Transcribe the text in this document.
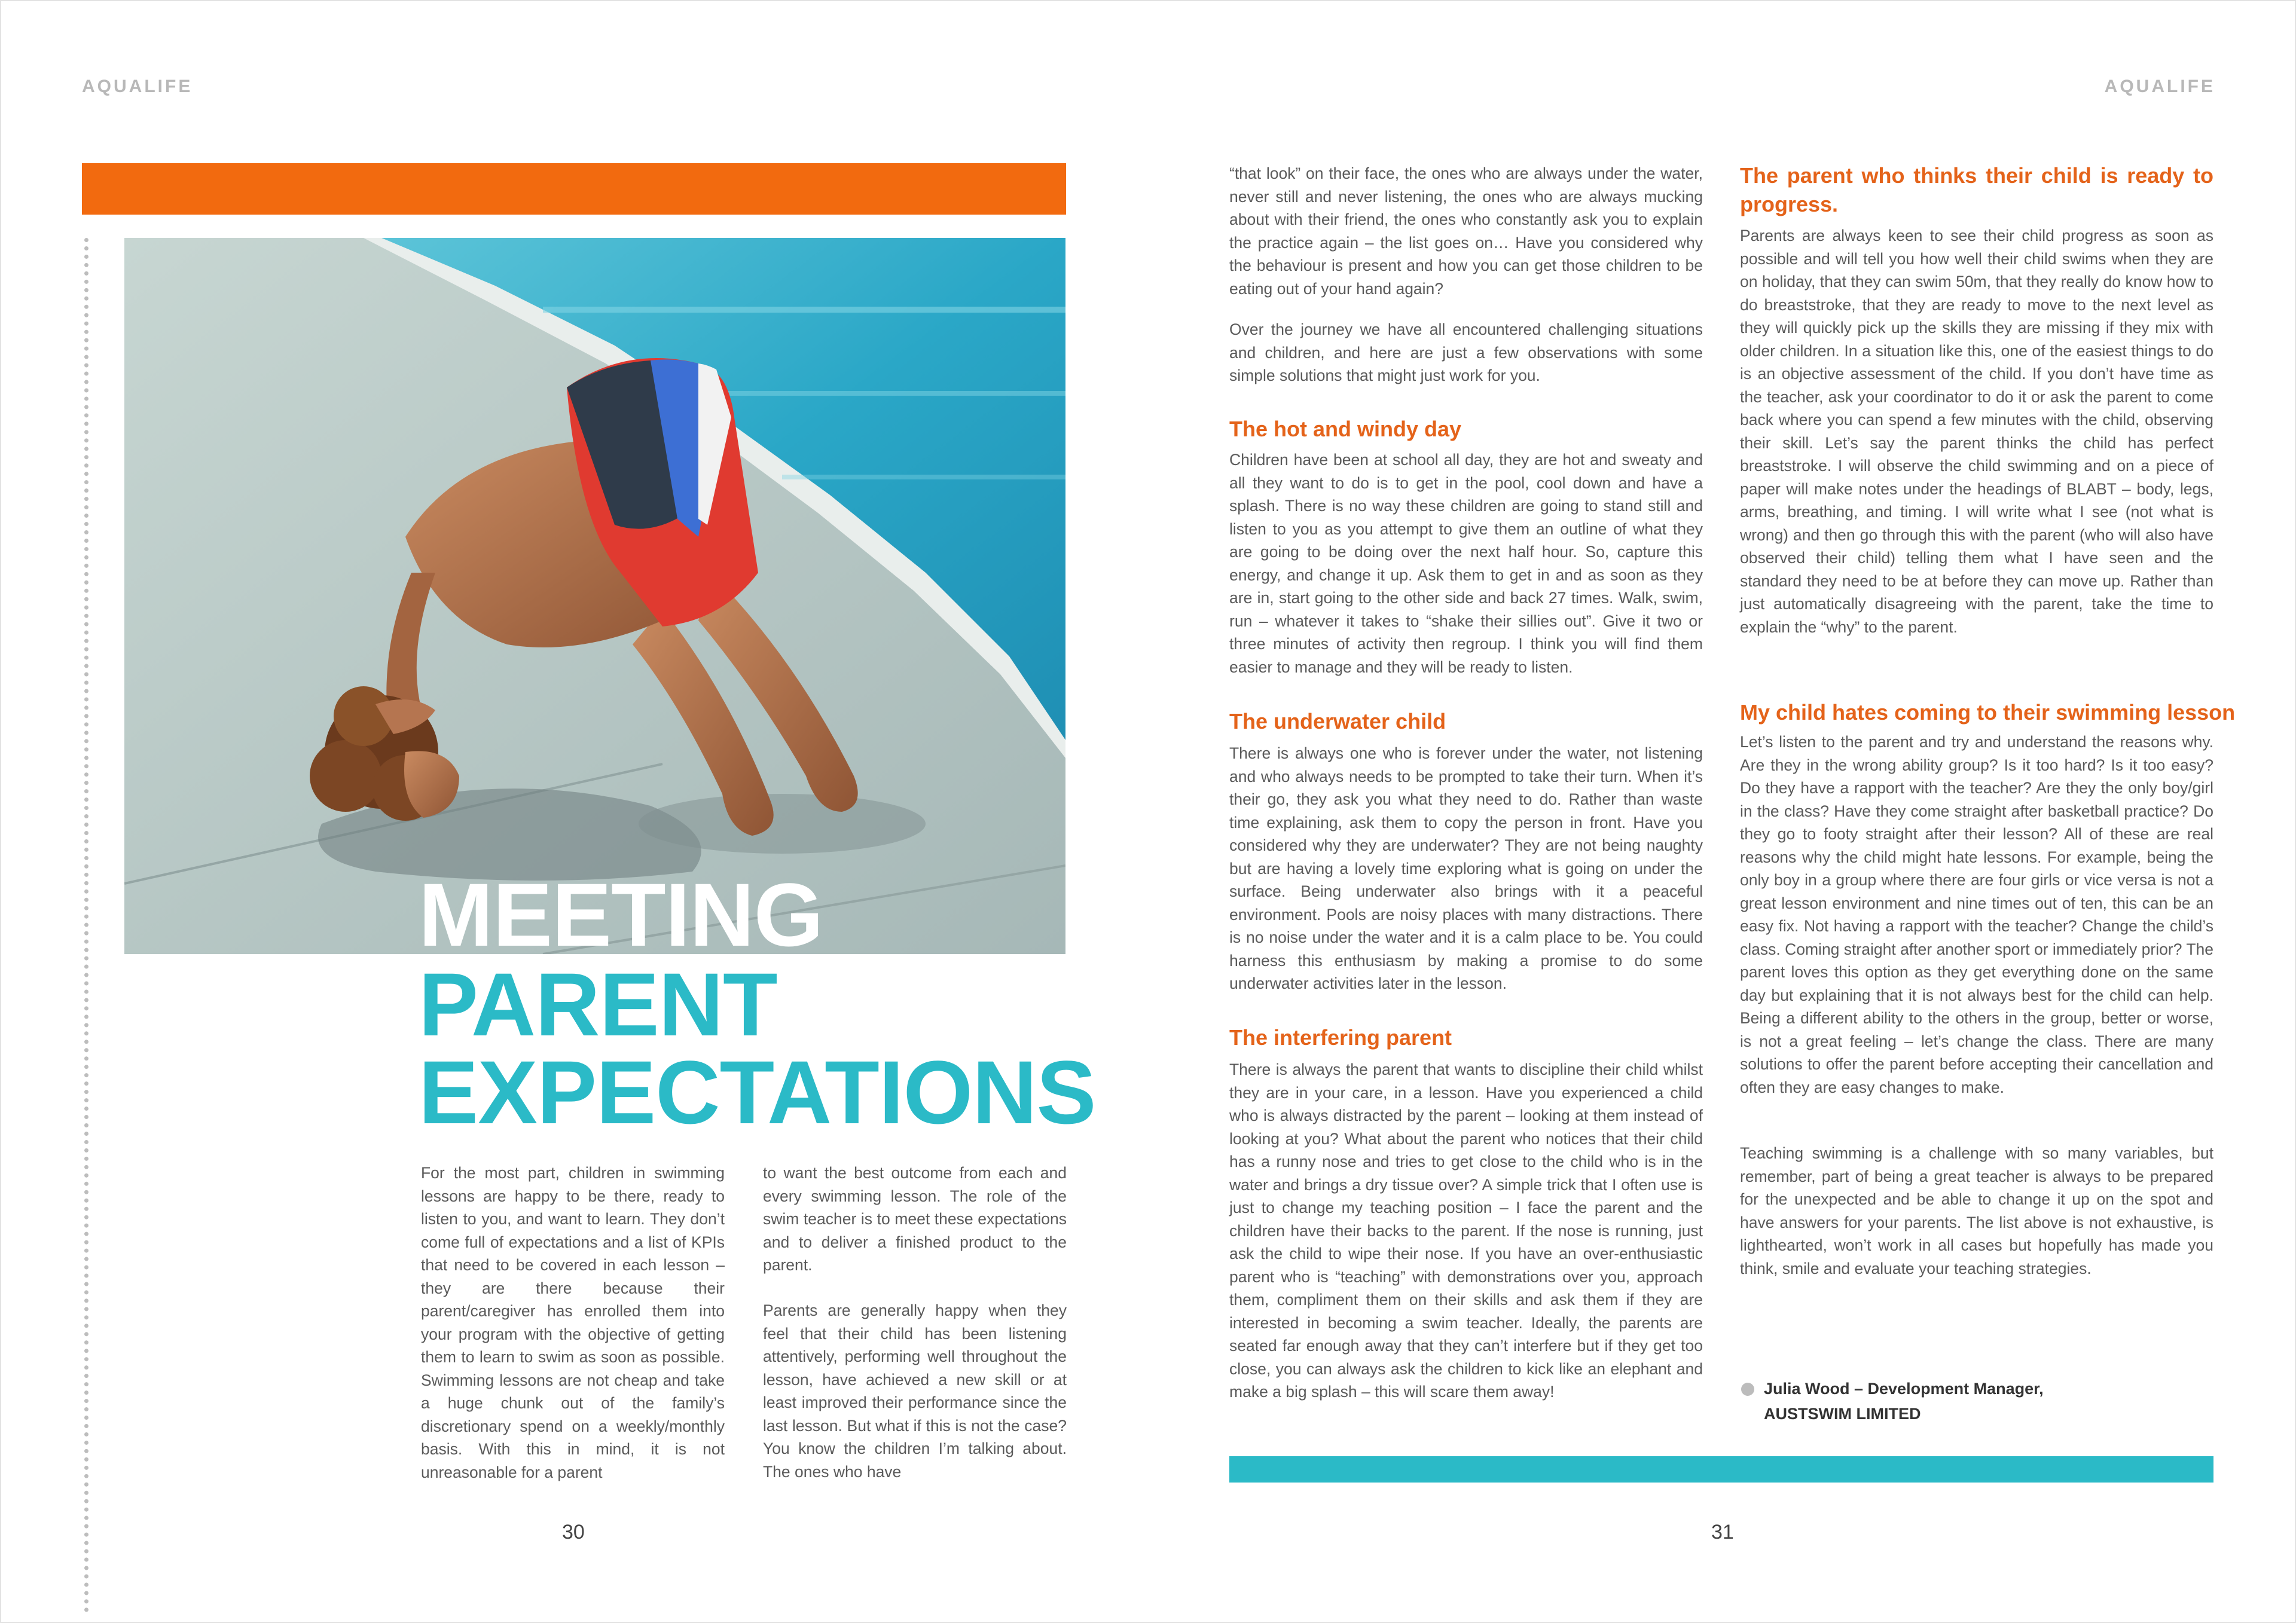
AQUALIFE	AQUALIFE
MEETING
PARENT
EXPECTATIONS

For the most part, children in swimming lessons are happy to be there, ready to listen to you, and want to learn. They don’t come full of expectations and a list of KPIs that need to be covered in each lesson – they are there because their parent/caregiver has enrolled them into your program with the objective of getting them to learn to swim as soon as possible. Swimming lessons are not cheap and take a huge chunk out of the family’s discretionary spend on a weekly/monthly basis. With this in mind, it is not unreasonable for a parent

to want the best outcome from each and every swimming lesson. The role of the swim teacher is to meet these expectations and to deliver a finished product to the parent.

Parents are generally happy when they feel that their child has been listening attentively, performing well throughout the lesson, have achieved a new skill or at least improved their performance since the last lesson. But what if this is not the case? You know the children I’m talking about. The ones who have

30

“that look” on their face, the ones who are always under the water, never still and never listening, the ones who are always mucking about with their friend, the ones who constantly ask you to explain the practice again – the list goes on… Have you considered why the behaviour is present and how you can get those children to be eating out of your hand again?

Over the journey we have all encountered challenging situations and children, and here are just a few observations with some simple solutions that might just work for you.

The hot and windy day

Children have been at school all day, they are hot and sweaty and all they want to do is to get in the pool, cool down and have a splash. There is no way these children are going to stand still and listen to you as you attempt to give them an outline of what they are going to be doing over the next half hour. So, capture this energy, and change it up. Ask them to get in and as soon as they are in, start going to the other side and back 27 times. Walk, swim, run – whatever it takes to “shake their sillies out”. Give it two or three minutes of activity then regroup. I think you will find them easier to manage and they will be ready to listen.

The underwater child

There is always one who is forever under the water, not listening and who always needs to be prompted to take their turn. When it’s their go, they ask you what they need to do. Rather than waste time explaining, ask them to copy the person in front. Have you considered why they are underwater? They are not being naughty but are having a lovely time exploring what is going on under the surface. Being underwater also brings with it a peaceful environment. Pools are noisy places with many distractions. There is no noise under the water and it is a calm place to be. You could harness this enthusiasm by making a promise to do some underwater activities later in the lesson.

The interfering parent

There is always the parent that wants to discipline their child whilst they are in your care, in a lesson. Have you experienced a child who is always distracted by the parent – looking at them instead of looking at you? What about the parent who notices that their child has a runny nose and tries to get close to the child who is in the water and brings a dry tissue over? A simple trick that I often use is just to change my teaching position – I face the parent and the children have their backs to the parent. If the nose is running, just ask the child to wipe their nose. If you have an over-enthusiastic parent who is “teaching” with demonstrations over you, approach them, compliment them on their skills and ask them if they are interested in becoming a swim teacher. Ideally, the parents are seated far enough away that they can’t interfere but if they get too close, you can always ask the children to kick like an elephant and make a big splash – this will scare them away!

The parent who thinks their child is ready to progress.

Parents are always keen to see their child progress as soon as possible and will tell you how well their child swims when they are on holiday, that they can swim 50m, that they really do know how to do breaststroke, that they are ready to move to the next level as they will quickly pick up the skills they are missing if they mix with older children. In a situation like this, one of the easiest things to do is an objective assessment of the child. If you don’t have time as the teacher, ask your coordinator to do it or ask the parent to come back where you can spend a few minutes with the child, observing their skill. Let’s say the parent thinks the child has perfect breaststroke. I will observe the child swimming and on a piece of paper will make notes under the headings of BLABT – body, legs, arms, breathing, and timing. I will write what I see (not what is wrong) and then go through this with the parent (who will also have observed their child) telling them what I have seen and the standard they need to be at before they can move up. Rather than just automatically disagreeing with the parent, take the time to explain the “why” to the parent.

My child hates coming to their swimming lesson

Let’s listen to the parent and try and understand the reasons why. Are they in the wrong ability group? Is it too hard? Is it too easy? Do they have a rapport with the teacher? Are they the only boy/girl in the class? Have they come straight after basketball practice? Do they go to footy straight after their lesson? All of these are real reasons why the child might hate lessons. For example, being the only boy in a group where there are four girls or vice versa is not a great lesson environment and nine times out of ten, this can be an easy fix. Not having a rapport with the teacher? Change the child’s class. Coming straight after another sport or immediately prior? The parent loves this option as they get everything done on the same day but explaining that it is not always best for the child can help. Being a different ability to the others in the group, better or worse, is not a great feeling – let’s change the class. There are many solutions to offer the parent before accepting their cancellation and often they are easy changes to make.

Teaching swimming is a challenge with so many variables, but remember, part of being a great teacher is always to be prepared for the unexpected and be able to change it up on the spot and have answers for your parents. The list above is not exhaustive, is lighthearted, won’t work in all cases but hopefully has made you think, smile and evaluate your teaching strategies.

Julia Wood – Development Manager,
AUSTSWIM LIMITED
31
